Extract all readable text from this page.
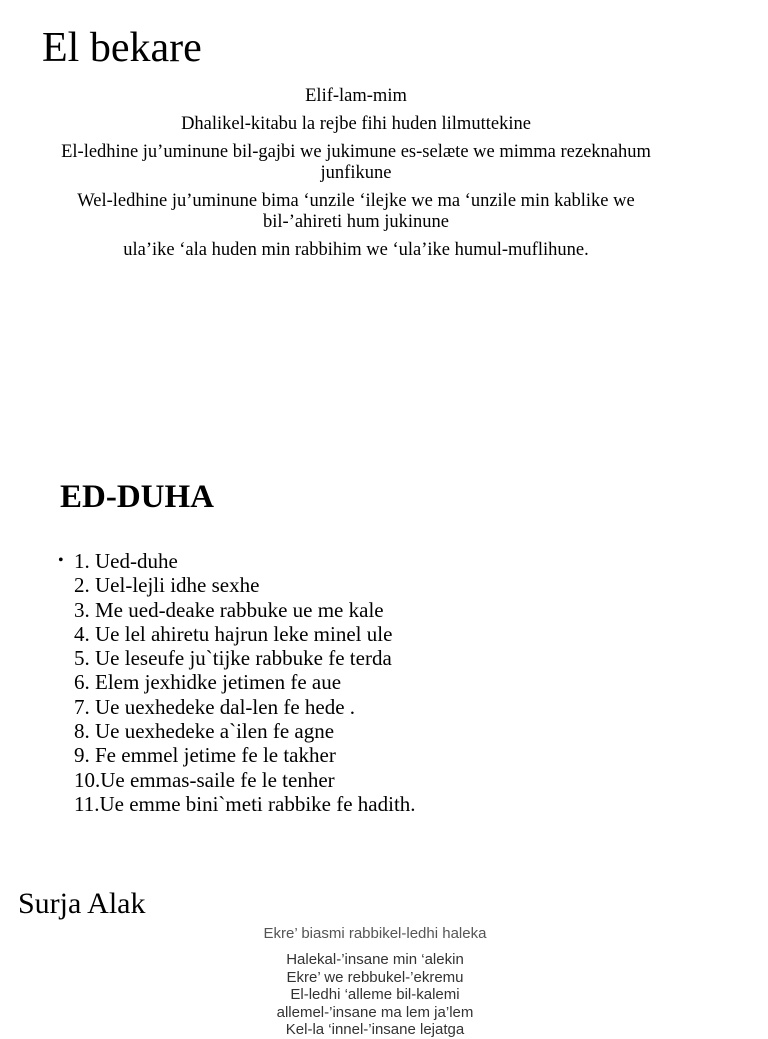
El bekare

Elif-lam-mim

Dhalikel-kitabu la rejbe fihi huden lilmuttekine

El-ledhine ju’uminune bil-gajbi we jukimune es-selæte we mimma rezeknahum junfikune

Wel-ledhine ju’uminune bima ‘unzile ‘ilejke we ma ‘unzile min kablike we bil-’ahireti hum jukinune

ula’ike ‘ala huden min rabbihim we ‘ula’ike humul-muflihune.

ED-DUHA
• 1. Ued-duhe
2. Uel-lejli idhe sexhe
3. Me ued-deake rabbuke ue me kale
4. Ue lel ahiretu hajrun leke minel ule
5. Ue leseufe ju`tijke rabbuke fe terda
6. Elem jexhidke jetimen fe aue
7. Ue uexhedeke dal-len fe hede .
8. Ue uexhedeke a`ilen fe agne
9. Fe emmel jetime fe le takher
10.Ue emmas-saile fe le tenher
11.Ue emme bini`meti rabbike fe hadith.
Surja Alak

Ekre’ biasmi rabbikel-ledhi haleka

Halekal-’insane min ‘alekin

Ekre’ we rebbukel-’ekremu

El-ledhi ‘alleme bil-kalemi

allemel-’insane ma lem ja’lem

Kel-la ‘innel-’insane lejatga
